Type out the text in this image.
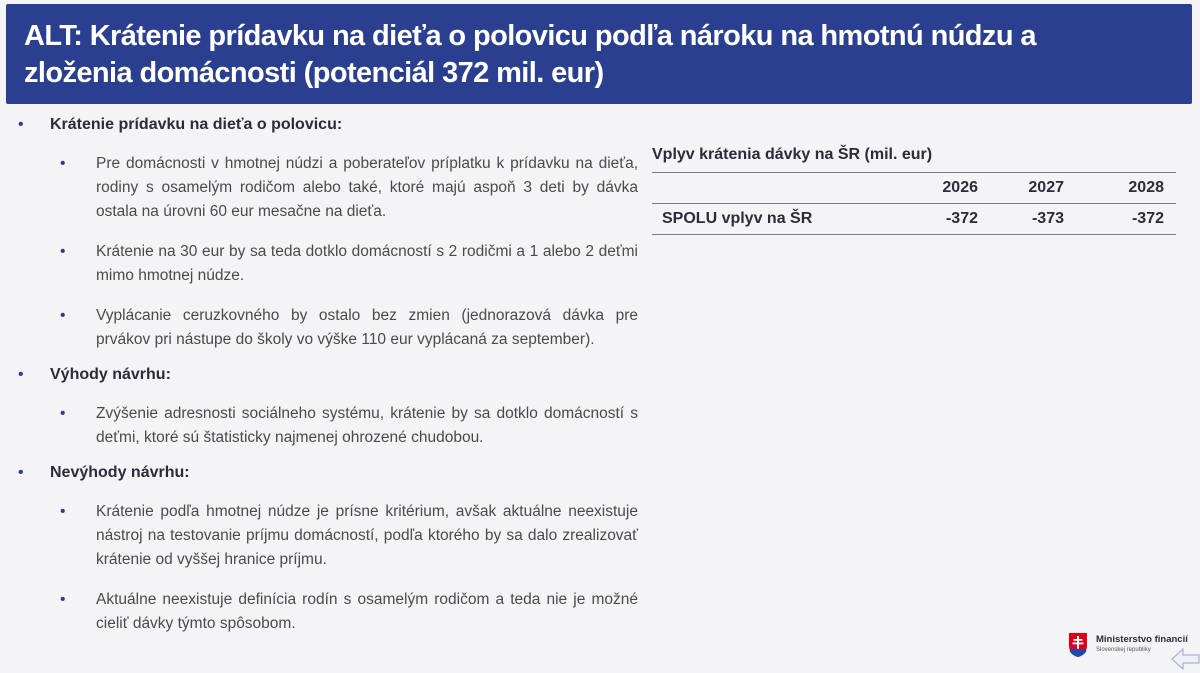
ALT: Krátenie prídavku na dieťa o polovicu podľa nároku na hmotnú núdzu a
zloženia domácnosti (potenciál 372 mil. eur)
• Krátenie prídavku na dieťa o polovicu:
• Pre domácnosti v hmotnej núdzi a poberateľov príplatku k prídavku na dieťa, rodiny s osamelým rodičom alebo také, ktoré majú aspoň 3 deti by dávka ostala na úrovni 60 eur mesačne na dieťa.
• Krátenie na 30 eur by sa teda dotklo domácností s 2 rodičmi a 1 alebo 2 deťmi mimo hmotnej núdze.
• Vyplácanie ceruzkovného by ostalo bez zmien (jednorazová dávka pre prvákov pri nástupe do školy vo výške 110 eur vyplácaná za september).
• Výhody návrhu:
• Zvýšenie adresnosti sociálneho systému, krátenie by sa dotklo domácností s deťmi, ktoré sú štatisticky najmenej ohrozené chudobou.
• Nevýhody návrhu:
• Krátenie podľa hmotnej núdze je prísne kritérium, avšak aktuálne neexistuje nástroj na testovanie príjmu domácností, podľa ktorého by sa dalo zrealizovať krátenie od vyššej hranice príjmu.
• Aktuálne neexistuje definícia rodín s osamelým rodičom a teda nie je možné cieliť dávky týmto spôsobom.
Vplyv krátenia dávky na ŠR (mil. eur)
	2026	2027	2028
SPOLU vplyv na ŠR	-372	-373	-372
Ministerstvo financií
Slovenskej republiky
